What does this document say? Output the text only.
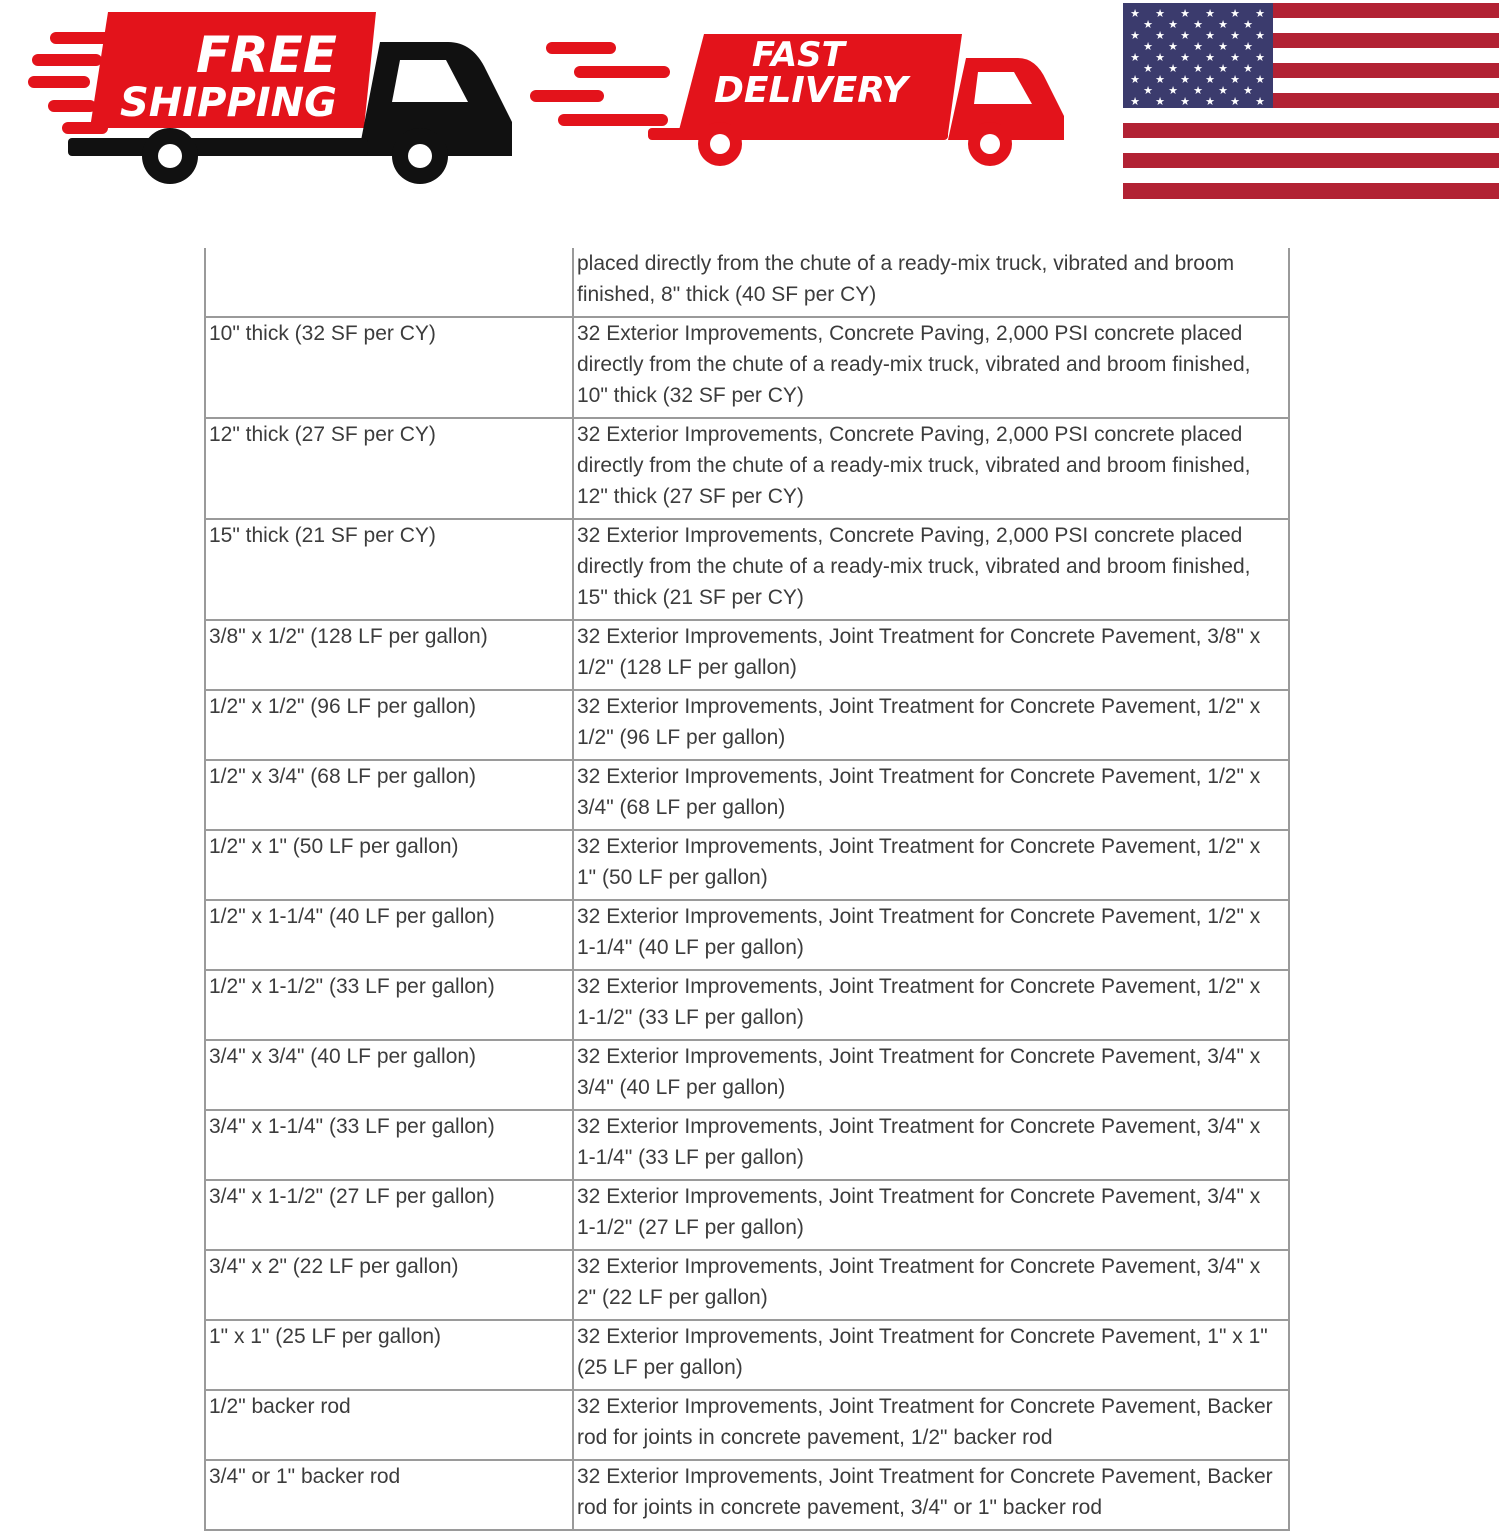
FREE
SHIPPING
FAST
DELIVERY
★ ★ ★ ★ ★ ★
★ ★ ★ ★ ★
★ ★ ★ ★ ★ ★
★ ★ ★ ★ ★
★ ★ ★ ★ ★ ★
★ ★ ★ ★ ★
★ ★ ★ ★ ★ ★
★ ★ ★ ★ ★
★ ★ ★ ★ ★ ★
	placed directly from the chute of a ready-mix truck, vibrated and broom finished, 8" thick (40 SF per CY)
10" thick (32 SF per CY)	32 Exterior Improvements, Concrete Paving, 2,000 PSI concrete placed directly from the chute of a ready-mix truck, vibrated and broom finished, 10" thick (32 SF per CY)
12" thick (27 SF per CY)	32 Exterior Improvements, Concrete Paving, 2,000 PSI concrete placed directly from the chute of a ready-mix truck, vibrated and broom finished, 12" thick (27 SF per CY)
15" thick (21 SF per CY)	32 Exterior Improvements, Concrete Paving, 2,000 PSI concrete placed directly from the chute of a ready-mix truck, vibrated and broom finished, 15" thick (21 SF per CY)
3/8" x 1/2" (128 LF per gallon)	32 Exterior Improvements, Joint Treatment for Concrete Pavement, 3/8" x 1/2" (128 LF per gallon)
1/2" x 1/2" (96 LF per gallon)	32 Exterior Improvements, Joint Treatment for Concrete Pavement, 1/2" x 1/2" (96 LF per gallon)
1/2" x 3/4" (68 LF per gallon)	32 Exterior Improvements, Joint Treatment for Concrete Pavement, 1/2" x 3/4" (68 LF per gallon)
1/2" x 1" (50 LF per gallon)	32 Exterior Improvements, Joint Treatment for Concrete Pavement, 1/2" x 1" (50 LF per gallon)
1/2" x 1-1/4" (40 LF per gallon)	32 Exterior Improvements, Joint Treatment for Concrete Pavement, 1/2" x 1-1/4" (40 LF per gallon)
1/2" x 1-1/2" (33 LF per gallon)	32 Exterior Improvements, Joint Treatment for Concrete Pavement, 1/2" x 1-1/2" (33 LF per gallon)
3/4" x 3/4" (40 LF per gallon)	32 Exterior Improvements, Joint Treatment for Concrete Pavement, 3/4" x 3/4" (40 LF per gallon)
3/4" x 1-1/4" (33 LF per gallon)	32 Exterior Improvements, Joint Treatment for Concrete Pavement, 3/4" x 1-1/4" (33 LF per gallon)
3/4" x 1-1/2" (27 LF per gallon)	32 Exterior Improvements, Joint Treatment for Concrete Pavement, 3/4" x 1-1/2" (27 LF per gallon)
3/4" x 2" (22 LF per gallon)	32 Exterior Improvements, Joint Treatment for Concrete Pavement, 3/4" x 2" (22 LF per gallon)
1" x 1" (25 LF per gallon)	32 Exterior Improvements, Joint Treatment for Concrete Pavement, 1" x 1" (25 LF per gallon)
1/2" backer rod	32 Exterior Improvements, Joint Treatment for Concrete Pavement, Backer rod for joints in concrete pavement, 1/2" backer rod
3/4" or 1" backer rod	32 Exterior Improvements, Joint Treatment for Concrete Pavement, Backer rod for joints in concrete pavement, 3/4" or 1" backer rod
